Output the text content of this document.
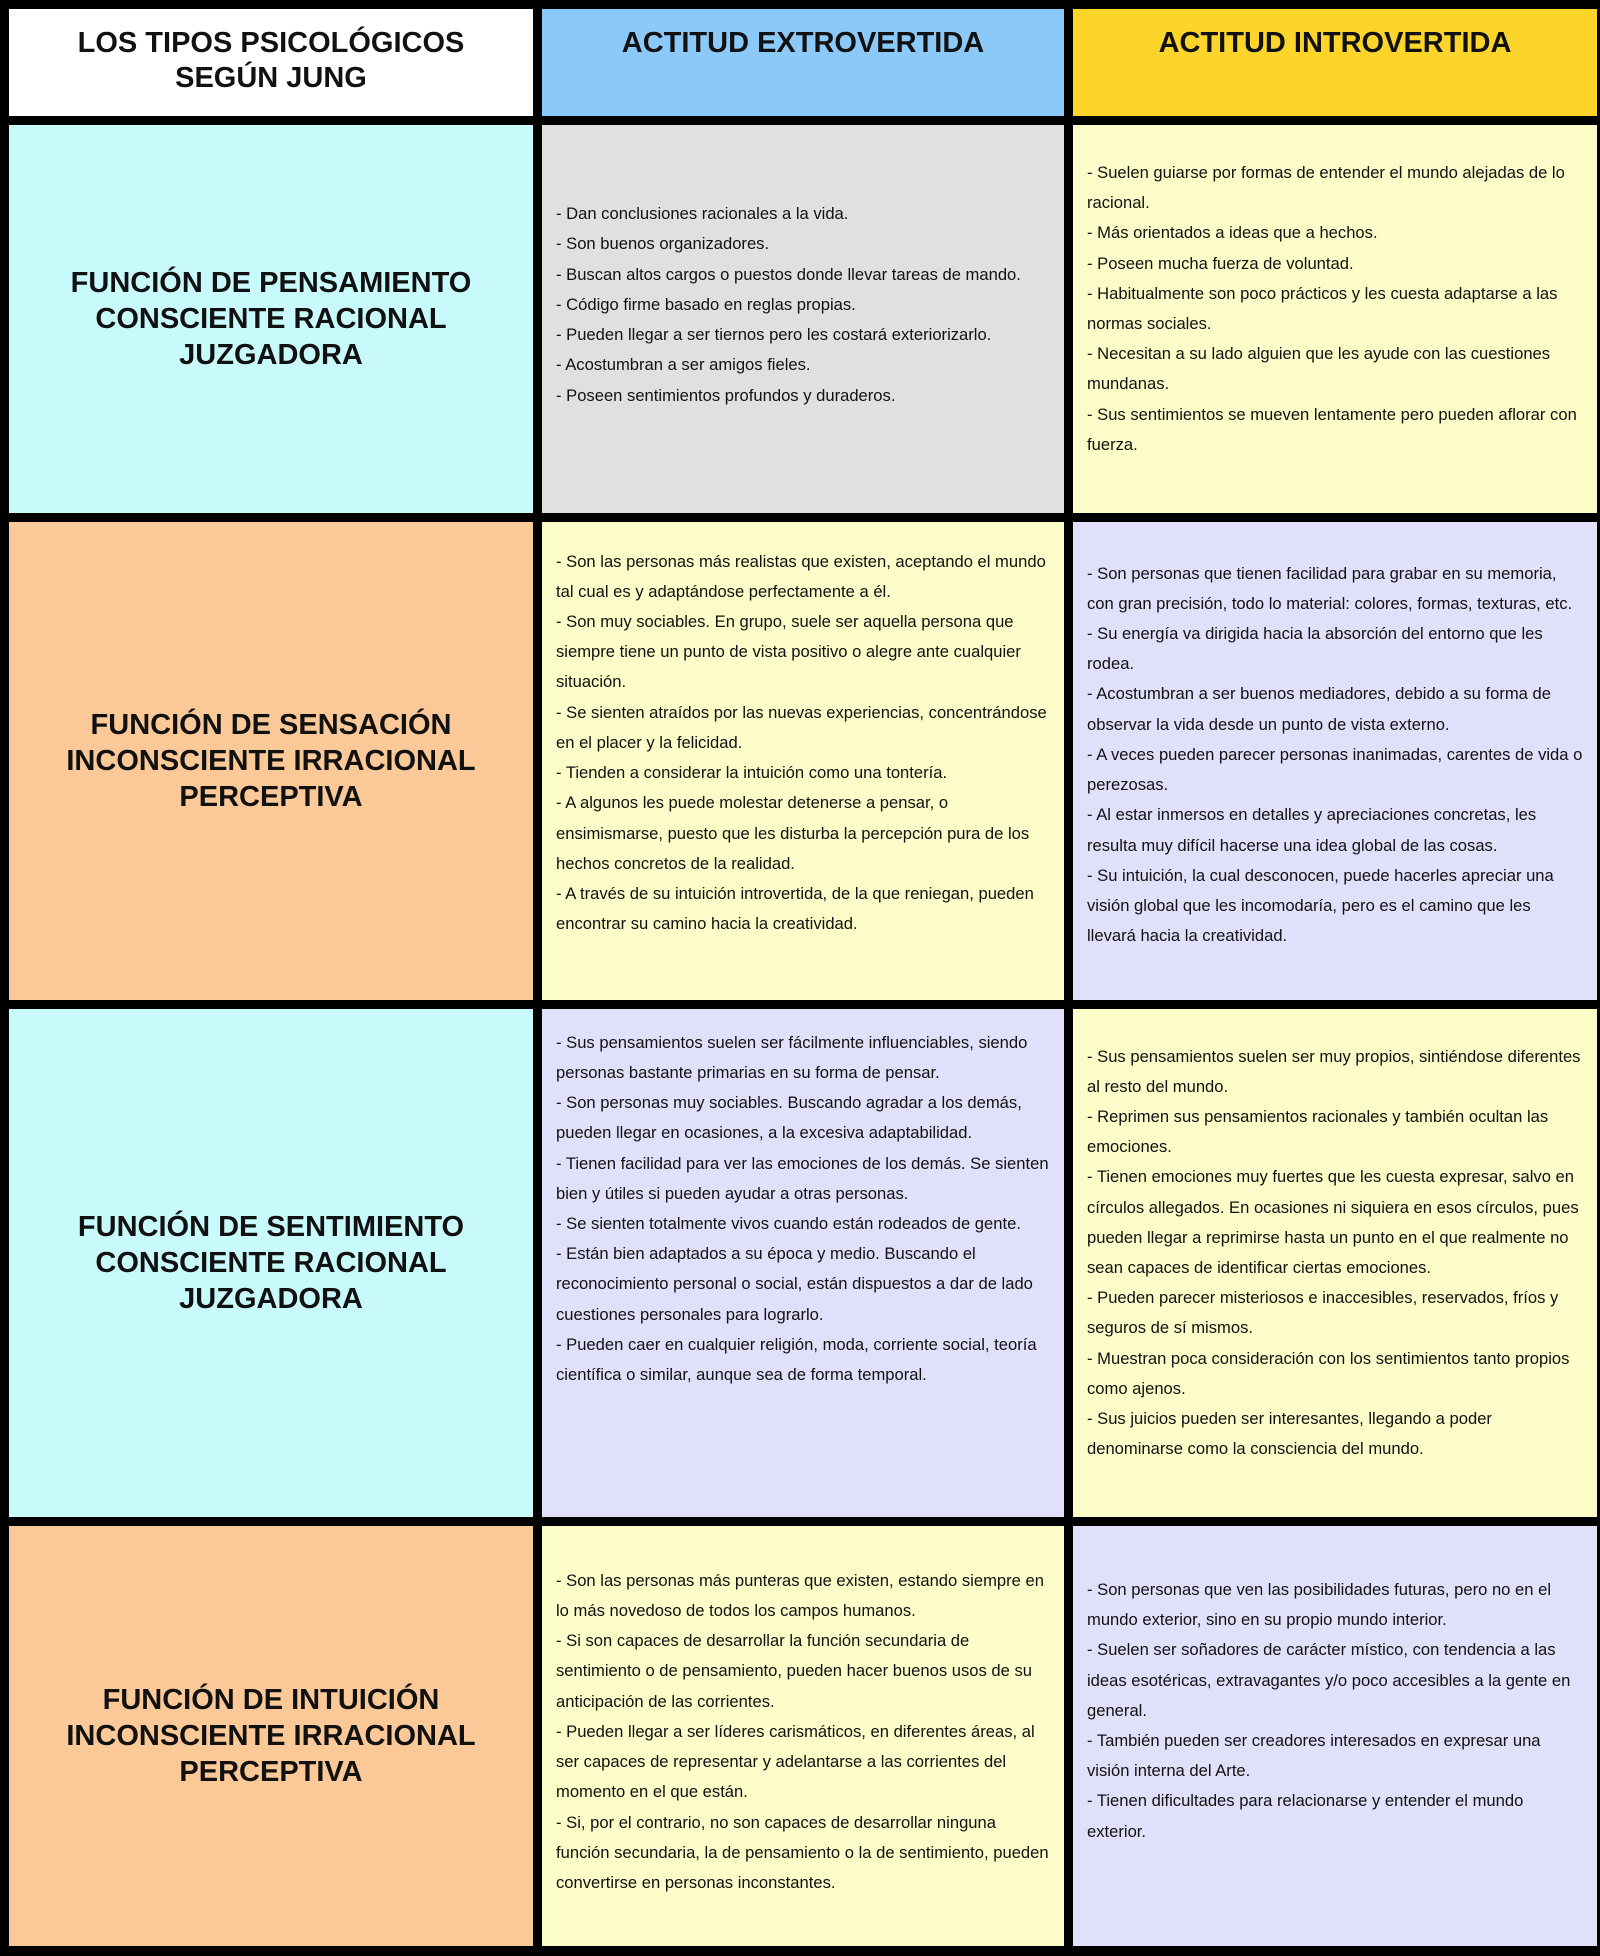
LOS TIPOS PSICOLÓGICOS
SEGÚN JUNG
ACTITUD EXTROVERTIDA	ACTITUD INTROVERTIDA
FUNCIÓN DE PENSAMIENTO
CONSCIENTE RACIONAL
JUZGADORA
- Dan conclusiones racionales a la vida.
- Son buenos organizadores.
- Buscan altos cargos o puestos donde llevar tareas de mando.
- Código firme basado en reglas propias.
- Pueden llegar a ser tiernos pero les costará exteriorizarlo.
- Acostumbran a ser amigos fieles.
- Poseen sentimientos profundos y duraderos.
- Suelen guiarse por formas de entender el mundo alejadas de lo racional.
- Más orientados a ideas que a hechos.
- Poseen mucha fuerza de voluntad.
- Habitualmente son poco prácticos y les cuesta adaptarse a las normas sociales.
- Necesitan a su lado alguien que les ayude con las cuestiones mundanas.
- Sus sentimientos se mueven lentamente pero pueden aflorar con fuerza.
FUNCIÓN DE SENSACIÓN
INCONSCIENTE IRRACIONAL
PERCEPTIVA
- Son las personas más realistas que existen, aceptando el mundo tal cual es y adaptándose perfectamente a él.
- Son muy sociables. En grupo, suele ser aquella persona que siempre tiene un punto de vista positivo o alegre ante cualquier situación.
- Se sienten atraídos por las nuevas experiencias, concentrándose en el placer y la felicidad.
- Tienden a considerar la intuición como una tontería.
- A algunos les puede molestar detenerse a pensar, o ensimismarse, puesto que les disturba la percepción pura de los hechos concretos de la realidad.
- A través de su intuición introvertida, de la que reniegan, pueden encontrar su camino hacia la creatividad.
- Son personas que tienen facilidad para grabar en su memoria, con gran precisión, todo lo material: colores, formas, texturas, etc.
- Su energía va dirigida hacia la absorción del entorno que les rodea.
- Acostumbran a ser buenos mediadores, debido a su forma de observar la vida desde un punto de vista externo.
- A veces pueden parecer personas inanimadas, carentes de vida o perezosas.
- Al estar inmersos en detalles y apreciaciones concretas, les resulta muy difícil hacerse una idea global de las cosas.
- Su intuición, la cual desconocen, puede hacerles apreciar una visión global que les incomodaría, pero es el camino que les llevará hacia la creatividad.
FUNCIÓN DE SENTIMIENTO
CONSCIENTE RACIONAL
JUZGADORA
- Sus pensamientos suelen ser fácilmente influenciables, siendo personas bastante primarias en su forma de pensar.
- Son personas muy sociables. Buscando agradar a los demás, pueden llegar en ocasiones, a la excesiva adaptabilidad.
- Tienen facilidad para ver las emociones de los demás. Se sienten bien y útiles si pueden ayudar a otras personas.
- Se sienten totalmente vivos cuando están rodeados de gente.
- Están bien adaptados a su época y medio. Buscando el reconocimiento personal o social, están dispuestos a dar de lado cuestiones personales para lograrlo.
- Pueden caer en cualquier religión, moda, corriente social, teoría científica o similar, aunque sea de forma temporal.
- Sus pensamientos suelen ser muy propios, sintiéndose diferentes al resto del mundo.
- Reprimen sus pensamientos racionales y también ocultan las emociones.
- Tienen emociones muy fuertes que les cuesta expresar, salvo en círculos allegados. En ocasiones ni siquiera en esos círculos, pues pueden llegar a reprimirse hasta un punto en el que realmente no sean capaces de identificar ciertas emociones.
- Pueden parecer misteriosos e inaccesibles, reservados, fríos y seguros de sí mismos.
- Muestran poca consideración con los sentimientos tanto propios como ajenos.
- Sus juicios pueden ser interesantes, llegando a poder denominarse como la consciencia del mundo.
FUNCIÓN DE INTUICIÓN
INCONSCIENTE IRRACIONAL
PERCEPTIVA
- Son las personas más punteras que existen, estando siempre en lo más novedoso de todos los campos humanos.
- Si son capaces de desarrollar la función secundaria de sentimiento o de pensamiento, pueden hacer buenos usos de su anticipación de las corrientes.
- Pueden llegar a ser líderes carismáticos, en diferentes áreas, al ser capaces de representar y adelantarse a las corrientes del momento en el que están.
- Si, por el contrario, no son capaces de desarrollar ninguna función secundaria, la de pensamiento o la de sentimiento, pueden convertirse en personas inconstantes.
- Son personas que ven las posibilidades futuras, pero no en el mundo exterior, sino en su propio mundo interior.
- Suelen ser soñadores de carácter místico, con tendencia a las ideas esotéricas, extravagantes y/o poco accesibles a la gente en general.
- También pueden ser creadores interesados en expresar una visión interna del Arte.
- Tienen dificultades para relacionarse y entender el mundo exterior.
